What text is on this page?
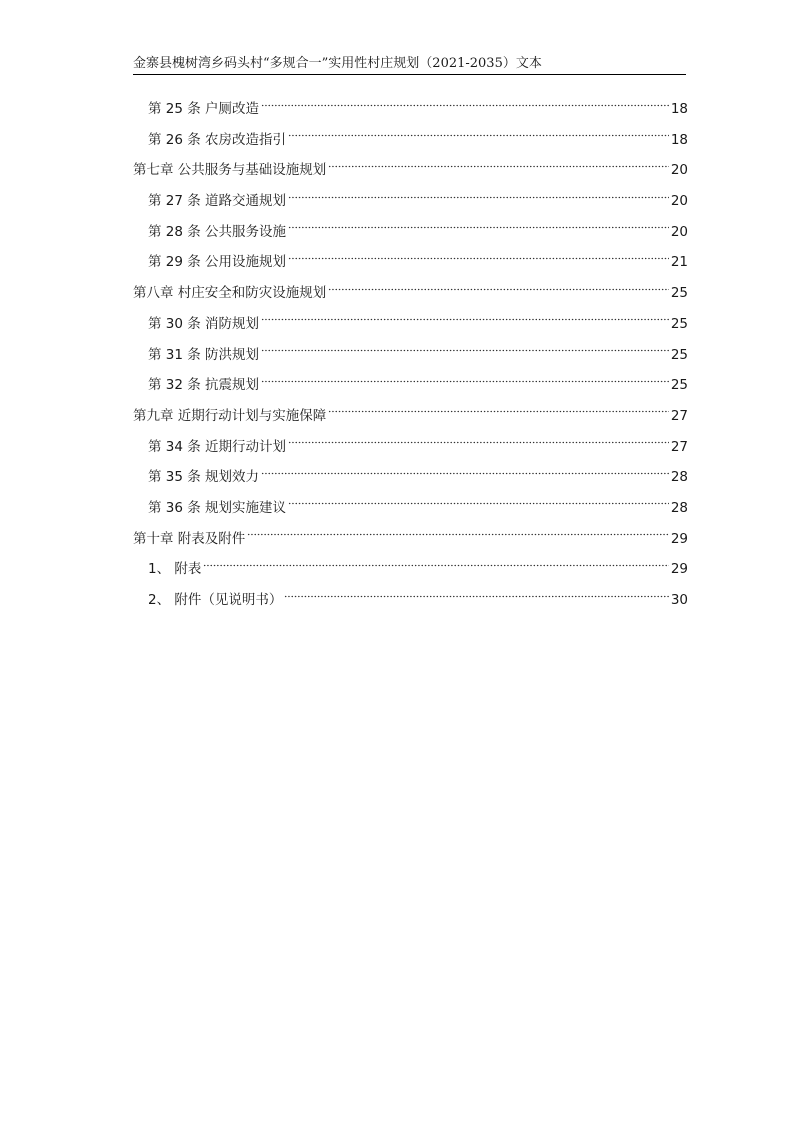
金寨县槐树湾乡码头村“多规合一”实用性村庄规划（2021-2035）文本
第 25 条 户厕改造	18
第 26 条 农房改造指引	18
第七章 公共服务与基础设施规划	20
第 27 条 道路交通规划	20
第 28 条 公共服务设施	20
第 29 条 公用设施规划	21
第八章 村庄安全和防灾设施规划	25
第 30 条 消防规划	25
第 31 条 防洪规划	25
第 32 条 抗震规划	25
第九章 近期行动计划与实施保障	27
第 34 条 近期行动计划	27
第 35 条 规划效力	28
第 36 条 规划实施建议	28
第十章 附表及附件	29
1、 附表	29
2、 附件（见说明书）	30
